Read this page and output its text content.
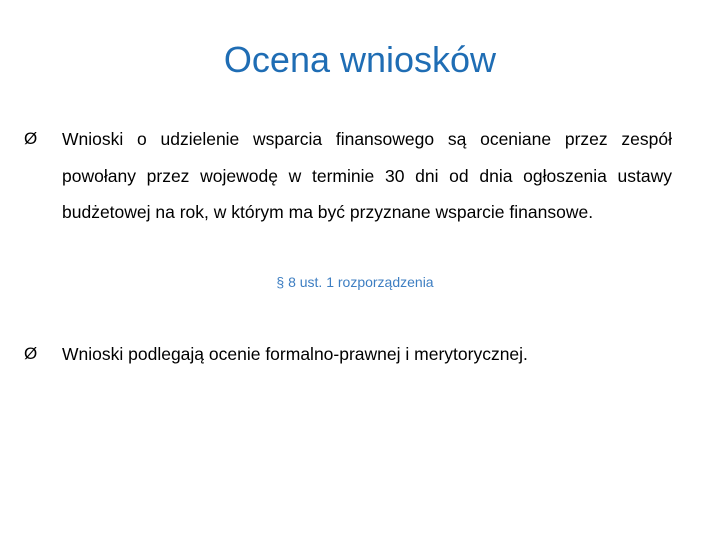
Ocena wniosków
Ø	Wnioski o udzielenie wsparcia finansowego są oceniane przez zespół powołany przez wojewodę w terminie 30 dni od dnia ogłoszenia ustawy budżetowej na rok, w którym ma być przyznane wsparcie finansowe.
§ 8 ust. 1 rozporządzenia
Ø	Wnioski podlegają ocenie formalno-prawnej i merytorycznej.
